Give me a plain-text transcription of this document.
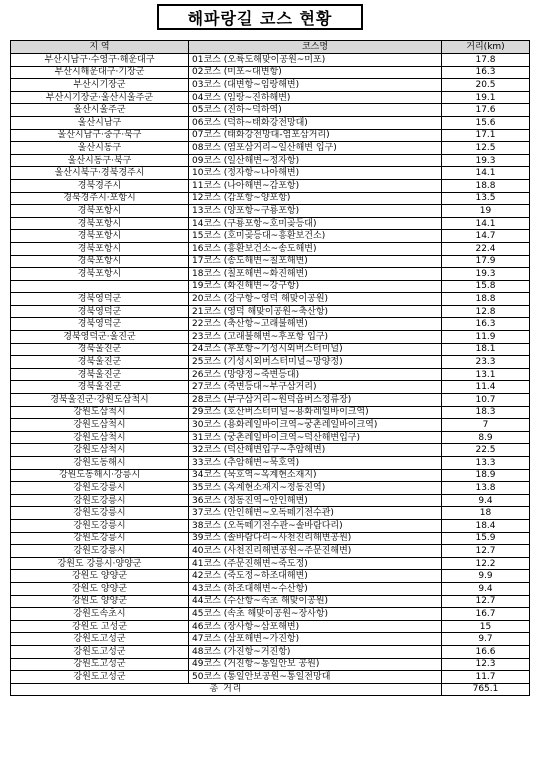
해파랑길 코스 현황
지 역	코스명	거리(km)
부산시남구·수영구·해운대구	01코스 (오륙도해맞이공원~미포)	17.8
부산시해운대구·기장군	02코스 (미포~대변항)	16.3
부산시기장군	03코스 (대변항~임랑해변)	20.5
부산시기장군·울산시울주군	04코스 (임랑~진하해변)	19.1
울산시울주군	05코스 (진하~덕하역)	17.6
울산시남구	06코스 (덕하~태화강전망대)	15.6
울산시남구·중구·북구	07코스 (태화강전망대-염포삼거리)	17.1
울산시동구	08코스 (염포삼거리~일산해변 입구)	12.5
울산시동구·북구	09코스 (일산해변~정자항)	19.3
울산시북구·경북경주시	10코스 (정자항~나아해변)	14.1
경북경주시	11코스 (나아해변~감포항)	18.8
경북경주시·포항시	12코스 (감포항~양포항)	13.5
경북포항시	13코스 (양포항~구룡포항)	19
경북포항시	14코스 (구룡포항~호미곶등대)	14.1
경북포항시	15코스 (호미곶등대~흥환보건소)	14.7
경북포항시	16코스 (흥환보건소~송도해변)	22.4
경북포항시	17코스 (송도해변~칠포해변)	17.9
경북포항시	18코스 (칠포해변~화진해변)	19.3
	19코스 (화진해변~강구항)	15.8
경북영덕군	20코스 (강구항~영덕 해맞이공원)	18.8
경북영덕군	21코스 (영덕 해맞이공원~축산항)	12.8
경북영덕군	22코스 (축산항~고래불해변)	16.3
경북영덕군·울진군	23코스 (고래불해변~후포항 입구)	11.9
경북울진군	24코스 (후포항~기성시외버스터미널)	18.1
경북울진군	25코스 (기성시외버스터미널~망양정)	23.3
경북울진군	26코스 (망양정~죽변등대)	13.1
경북울진군	27코스 (죽변등대~부구삼거리)	11.4
경북울진군·강원도삼척시	28코스 (부구삼거리~원덕읍버스정류장)	10.7
강원도삼척시	29코스 (호산버스터미널~용화레일바이크역)	18.3
강원도삼척시	30코스 (용화레일바이크역~궁촌레일바이크역)	7
강원도삼척시	31코스 (궁촌레일바이크역~덕산해변입구)	8.9
강원도삼척시	32코스 (덕산해변입구~추암해변)	22.5
강원도동해시	33코스 (추암해변~묵호역)	13.3
강원도동해시·강릉시	34코스 (묵호역~옥계현소재지)	18.9
강원도강릉시	35코스 (옥계현소재지~정동진역)	13.8
강원도강릉시	36코스 (정동진역~안인해변)	9.4
강원도강릉시	37코스 (안인해변~오독떼기전수관)	18
강원도강릉시	38코스 (오독떼기전수관~솔바람다리)	18.4
강원도강릉시	39코스 (솔바람다리~사천진리해변공원)	15.9
강원도강릉시	40코스 (사천진리해변공원~주문진해변)	12.7
강원도 강릉시·양양군	41코스 (주문진해변~죽도정)	12.2
강원도 양양군	42코스 (죽도정~하조대해변)	9.9
강원도 양양군	43코스 (하조대해변~수산항)	9.4
강원도 양양군	44코스 (수산항~속초 해맞이공원)	12.7
강원도속초시	45코스 (속초 해맞이공원~장사항)	16.7
강원도 고성군	46코스 (장사항~삼포해변)	15
강원도고성군	47코스 (삼포해변~가진항)	9.7
강원도고성군	48코스 (가진항~거진항)	16.6
강원도고성군	49코스 (거진항~통일안보 공원)	12.3
강원도고성군	50코스 (통일안보공원~통일전망대	11.7
총 거리		765.1
